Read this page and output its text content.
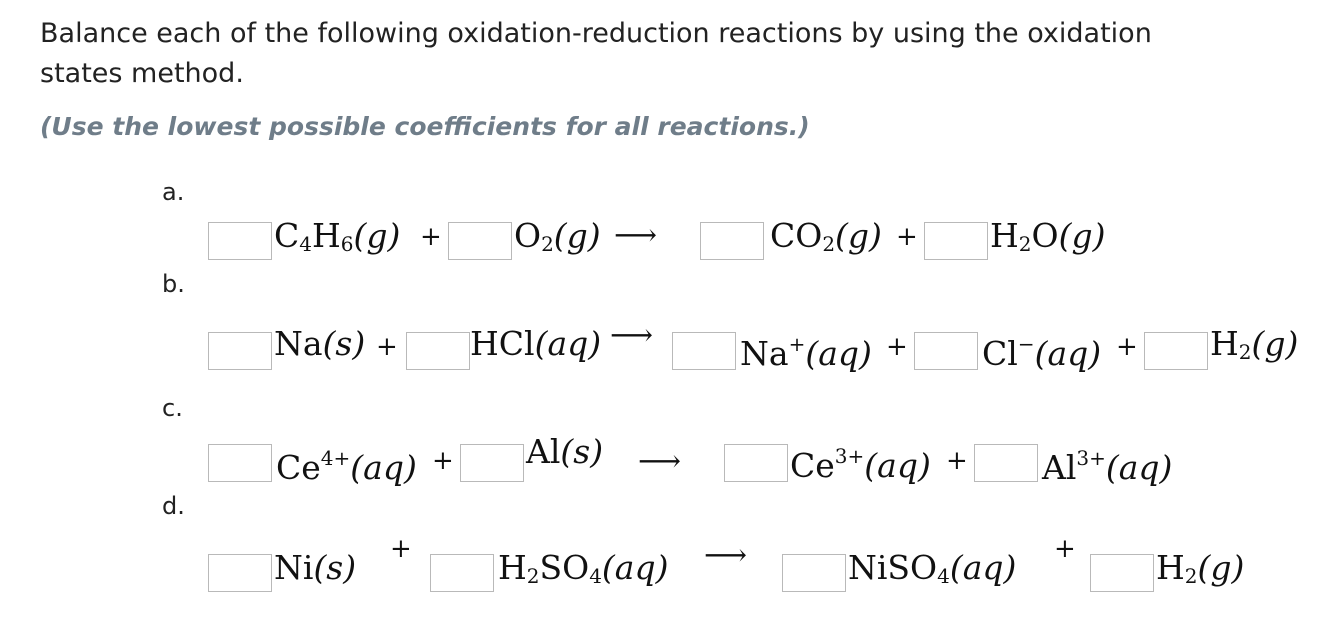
Balance each of the following oxidation-reduction reactions by using the oxidation states method.
(Use the lowest possible coefficients for all reactions.)
a.
$C_4H_6(g) + O_2(g)$ ⟶	$CO_2(g) + H_2O(g)$
b.
Na(s) + HCl(aq) ⟶	$Na^+(aq) + Cl^-(aq) + H_2(g)$
c.
$Ce^{4+}(aq) + Al(s)$ ⟶	$Ce^{3+}(aq) + Al^{3+}(aq)$
d.
Ni(s) +	$H_2SO_4(aq)$ ⟶	NiSO$_4$(aq) + $H_2(g)$
